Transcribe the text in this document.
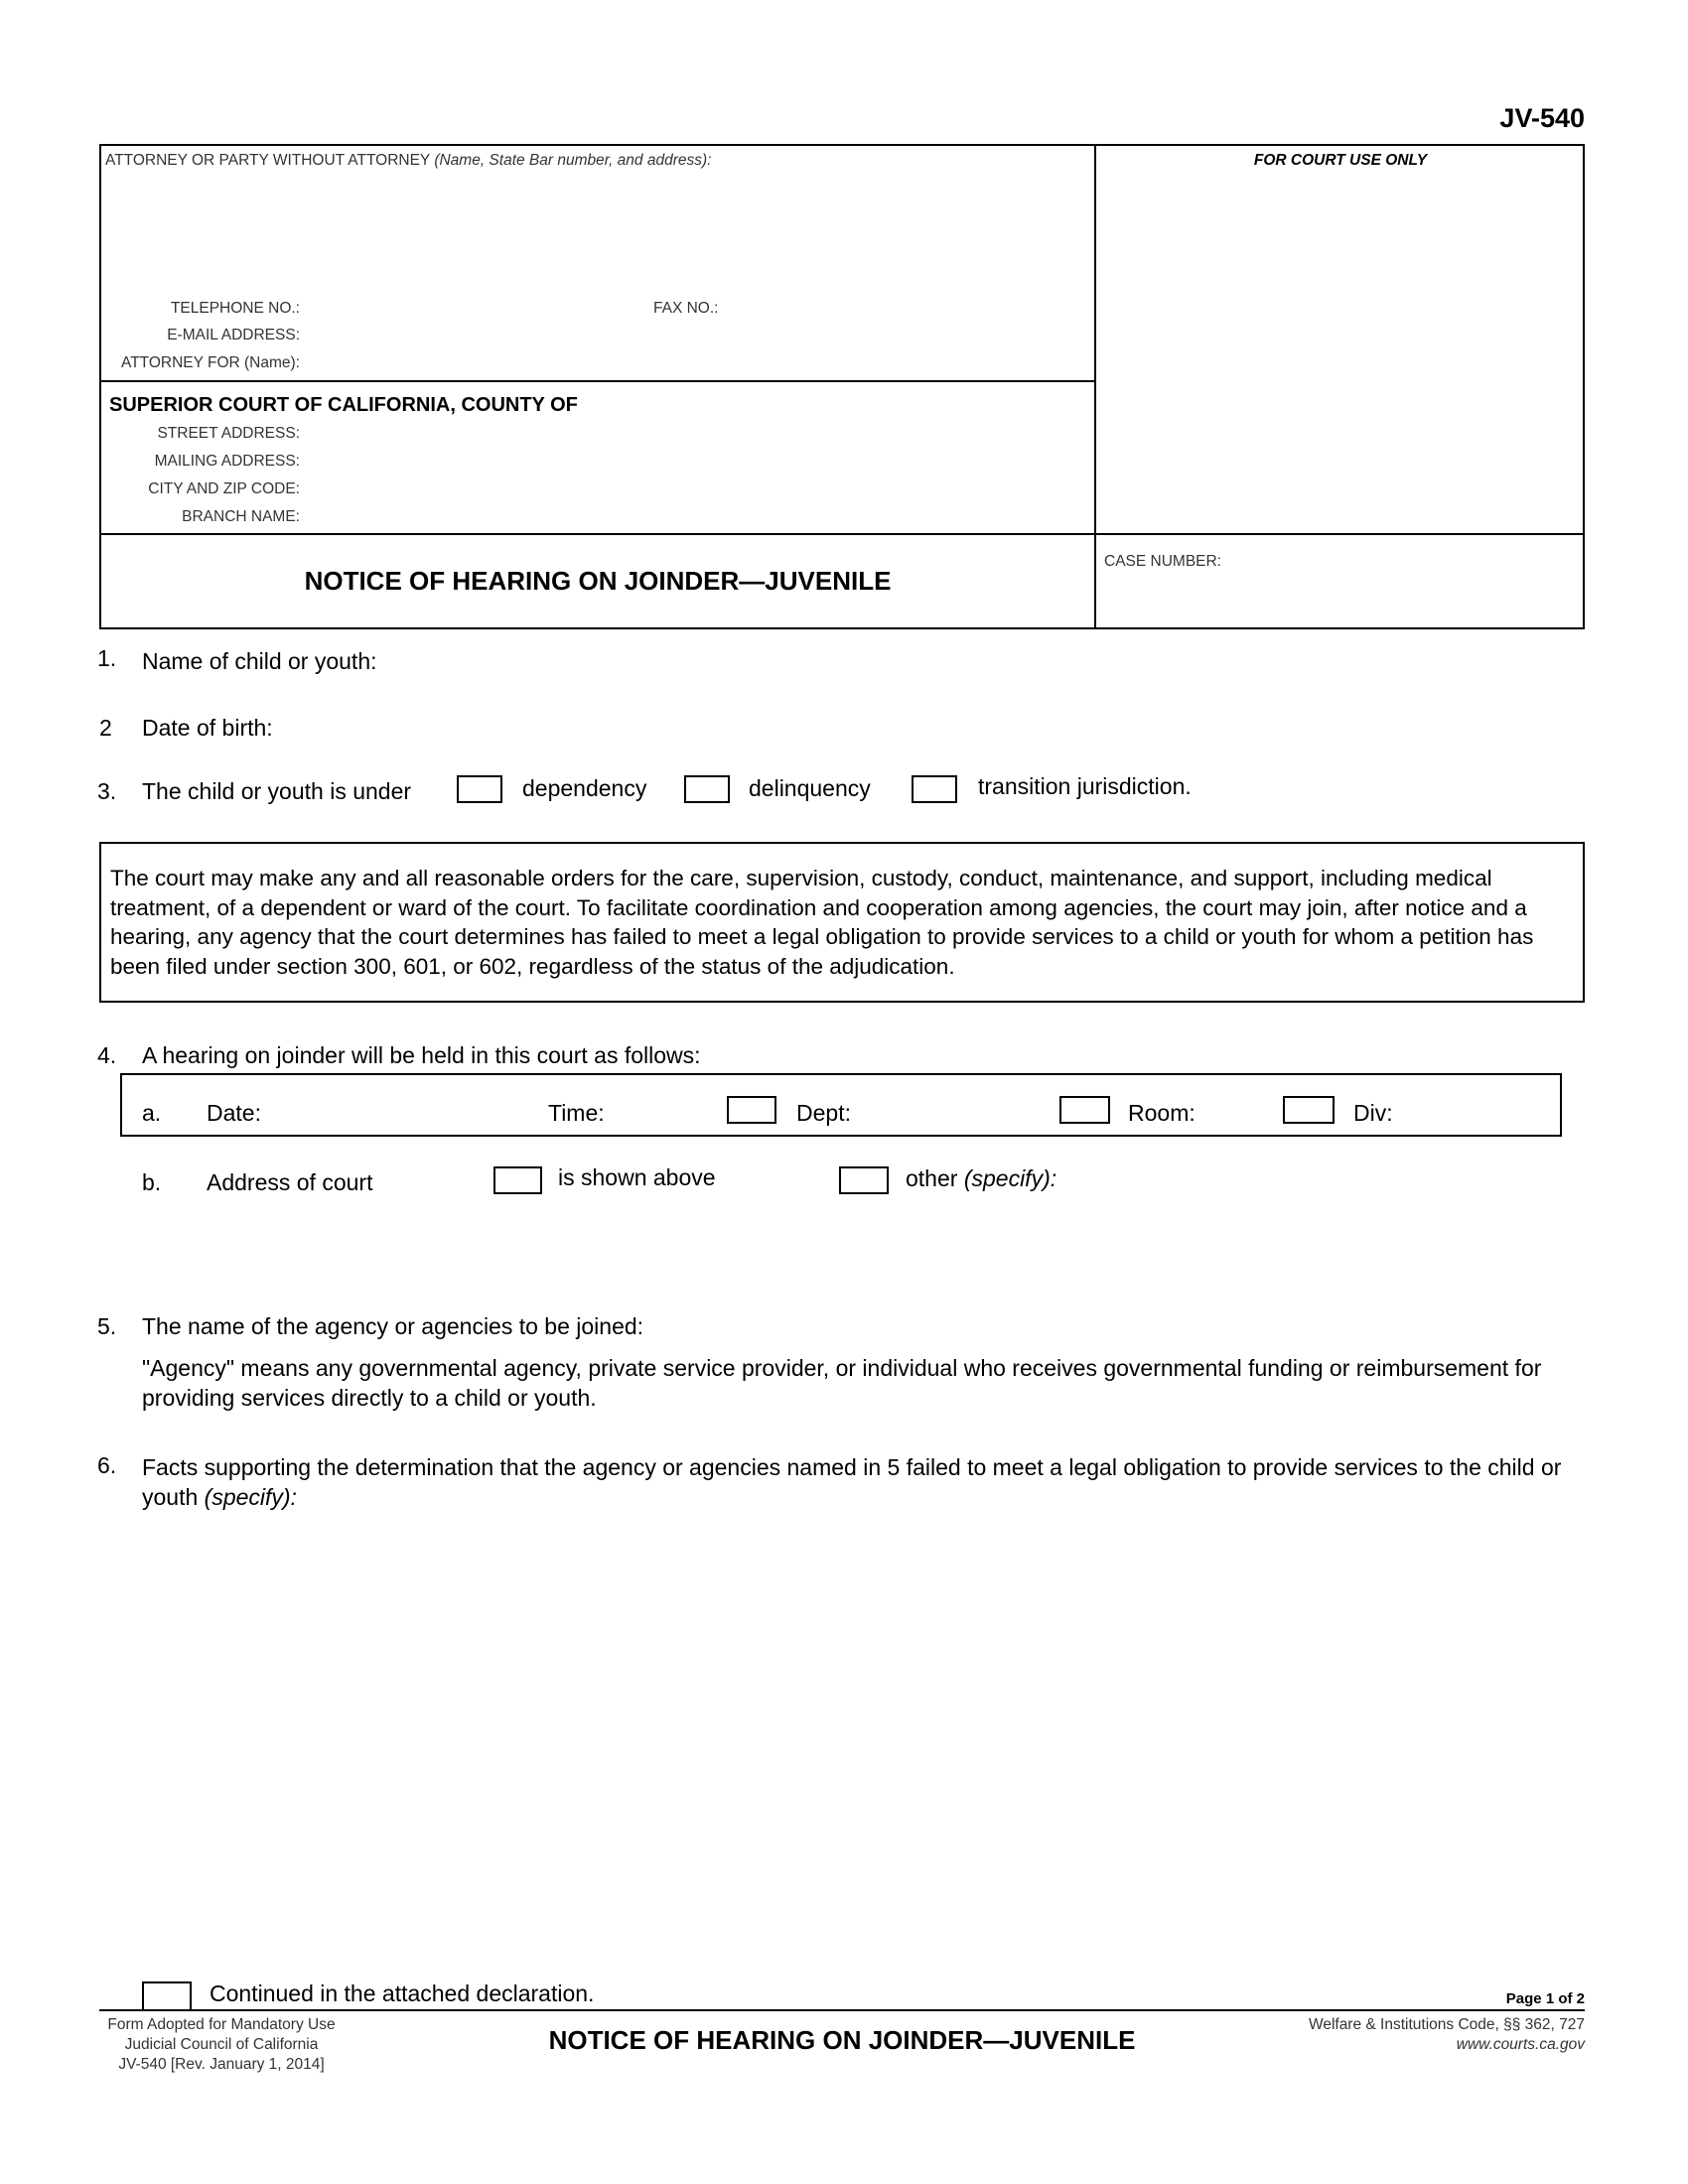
JV-540
ATTORNEY OR PARTY WITHOUT ATTORNEY (Name, State Bar number, and address):	FOR COURT USE ONLY
TELEPHONE NO.:	FAX NO.:
E-MAIL ADDRESS:
ATTORNEY FOR (Name):
SUPERIOR COURT OF CALIFORNIA, COUNTY OF
STREET ADDRESS:
MAILING ADDRESS:
CITY AND ZIP CODE:
BRANCH NAME:
NOTICE OF HEARING ON JOINDER—JUVENILE
CASE NUMBER:
1. Name of child or youth:
2 Date of birth:
3. The child or youth is under	dependency	delinquency	transition jurisdiction.
The court may make any and all reasonable orders for the care, supervision, custody, conduct, maintenance, and support, including medical treatment, of a dependent or ward of the court. To facilitate coordination and cooperation among agencies, the court may join, after notice and a hearing, any agency that the court determines has failed to meet a legal obligation to provide services to a child or youth for whom a petition has been filed under section 300, 601, or 602, regardless of the status of the adjudication.
4. A hearing on joinder will be held in this court as follows:
a. Date:	Time:	Dept:	Room:	Div:
b. Address of court	is shown above	other (specify):
5. The name of the agency or agencies to be joined:
"Agency" means any governmental agency, private service provider, or individual who receives governmental funding or reimbursement for providing services directly to a child or youth.
6. Facts supporting the determination that the agency or agencies named in 5 failed to meet a legal obligation to provide services to the child or youth (specify):
Continued in the attached declaration.	Page 1 of 2
Form Adopted for Mandatory Use
Judicial Council of California
JV-540 [Rev. January 1, 2014]
NOTICE OF HEARING ON JOINDER—JUVENILE
Welfare & Institutions Code, §§ 362, 727
www.courts.ca.gov
